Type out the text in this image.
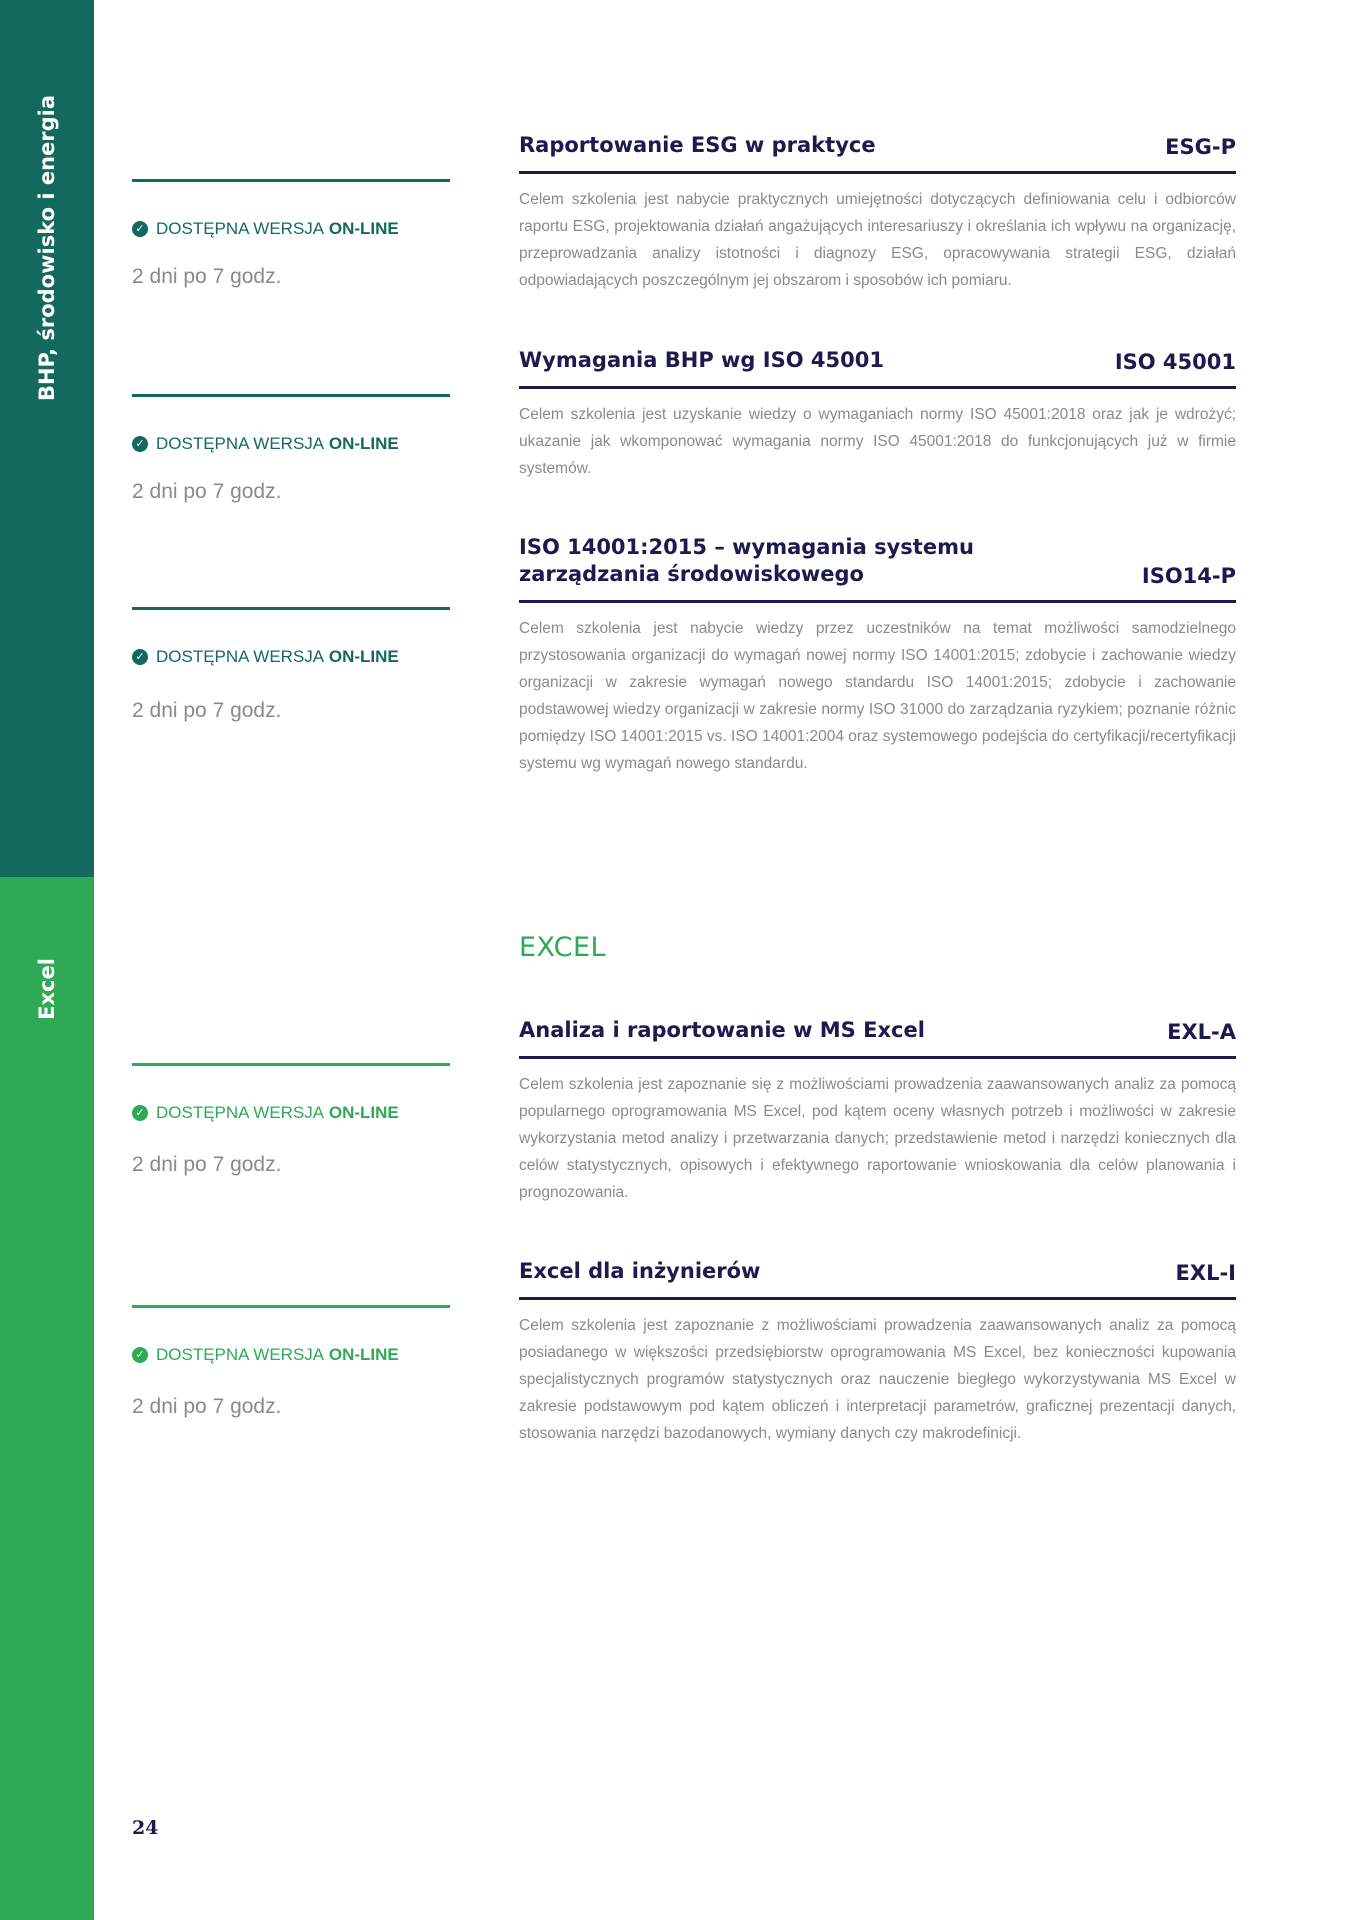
BHP, środowisko i energia
Excel
EXCEL
✓ DOSTĘPNA WERSJA
ON-LINE
2 dni po 7 godz.
Raportowanie ESG w praktyce	ESG-P
Celem szkolenia jest nabycie praktycznych umiejętności dotyczących definiowania celu i odbiorców raportu ESG, projektowania działań angażujących interesariuszy i określania ich wpływu na organizację, przeprowadzania analizy istotności i diagnozy ESG, opracowywania strategii ESG, działań odpowiadających poszczególnym jej obszarom i sposobów ich pomiaru.
✓ DOSTĘPNA WERSJA
ON-LINE
2 dni po 7 godz.
Wymagania BHP wg ISO 45001	ISO 45001
Celem szkolenia jest uzyskanie wiedzy o wymaganiach normy ISO 45001:2018 oraz jak je wdrożyć; ukazanie jak wkomponować wymagania normy ISO 45001:2018 do funkcjonujących już w firmie systemów.
✓ DOSTĘPNA WERSJA
ON-LINE
2 dni po 7 godz.
ISO 14001:2015 – wymagania systemu zarządzania środowiskowego	ISO14-P
Celem szkolenia jest nabycie wiedzy przez uczestników na temat możliwości samodzielnego przystosowania organizacji do wymagań nowej normy ISO 14001:2015; zdobycie i zachowanie wiedzy organizacji w zakresie wymagań nowego standardu ISO 14001:2015; zdobycie i zachowanie podstawowej wiedzy organizacji w zakresie normy ISO 31000 do zarządzania ryzykiem; poznanie różnic pomiędzy ISO 14001:2015 vs. ISO 14001:2004 oraz systemowego podejścia do certyfikacji/recertyfikacji systemu wg wymagań nowego standardu.
✓ DOSTĘPNA WERSJA
ON-LINE
2 dni po 7 godz.
Analiza i raportowanie w MS Excel	EXL-A
Celem szkolenia jest zapoznanie się z możliwościami prowadzenia zaawansowanych analiz za pomocą popularnego oprogramowania MS Excel, pod kątem oceny własnych potrzeb i możliwości w zakresie wykorzystania metod analizy i przetwarzania danych; przedstawienie metod i narzędzi koniecznych dla celów statystycznych, opisowych i efektywnego raportowanie wnioskowania dla celów planowania i prognozowania.
✓ DOSTĘPNA WERSJA
ON-LINE
2 dni po 7 godz.
Excel dla inżynierów	EXL-I
Celem szkolenia jest zapoznanie z możliwościami prowadzenia zaawansowanych analiz za pomocą posiadanego w większości przedsiębiorstw oprogramowania MS Excel, bez konieczności kupowania specjalistycznych programów statystycznych oraz nauczenie biegłego wykorzystywania MS Excel w zakresie podstawowym pod kątem obliczeń i interpretacji parametrów, graficznej prezentacji danych, stosowania narzędzi bazodanowych, wymiany danych czy makrodefinicji.
24
